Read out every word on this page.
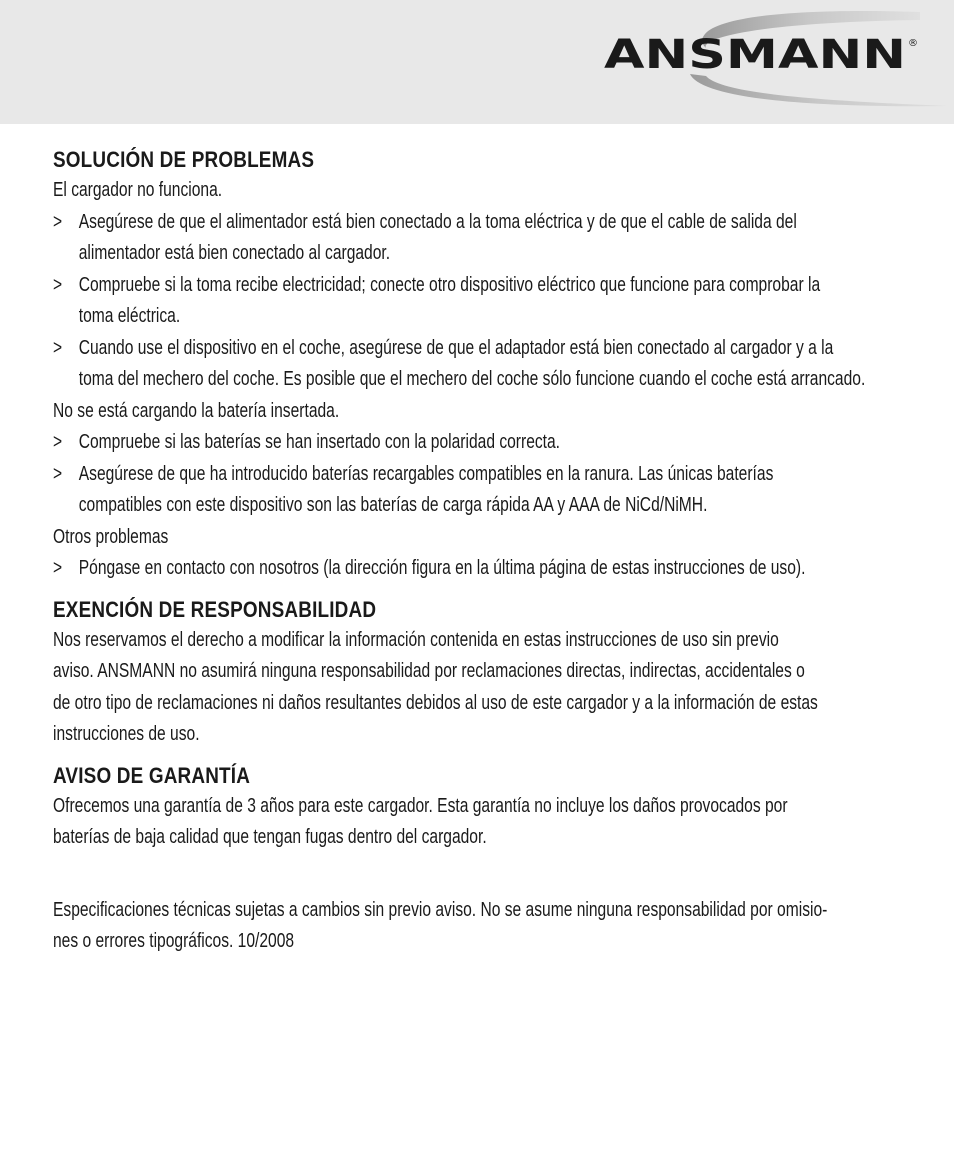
ANSMANN ®
SOLUCIÓN DE PROBLEMAS
El cargador no funciona.
> Asegúrese de que el alimentador está bien conectado a la toma eléctrica y de que el cable de salida del
alimentador está bien conectado al cargador.
> Compruebe si la toma recibe electricidad; conecte otro dispositivo eléctrico que funcione para comprobar la
toma eléctrica.
> Cuando use el dispositivo en el coche, asegúrese de que el adaptador está bien conectado al cargador y a la
toma del mechero del coche. Es posible que el mechero del coche sólo funcione cuando el coche está arrancado.
No se está cargando la batería insertada.
> Compruebe si las baterías se han insertado con la polaridad correcta.
> Asegúrese de que ha introducido baterías recargables compatibles en la ranura. Las únicas baterías
compatibles con este dispositivo son las baterías de carga rápida AA y AAA de NiCd/NiMH.
Otros problemas
> Póngase en contacto con nosotros (la dirección figura en la última página de estas instrucciones de uso).
EXENCIÓN DE RESPONSABILIDAD
Nos reservamos el derecho a modificar la información contenida en estas instrucciones de uso sin previo
aviso. ANSMANN no asumirá ninguna responsabilidad por reclamaciones directas, indirectas, accidentales o
de otro tipo de reclamaciones ni daños resultantes debidos al uso de este cargador y a la información de estas
instrucciones de uso.
AVISO DE GARANTÍA
Ofrecemos una garantía de 3 años para este cargador. Esta garantía no incluye los daños provocados por
baterías de baja calidad que tengan fugas dentro del cargador.
Especificaciones técnicas sujetas a cambios sin previo aviso. No se asume ninguna responsabilidad por omisio-
nes o errores tipográficos. 10/2008
